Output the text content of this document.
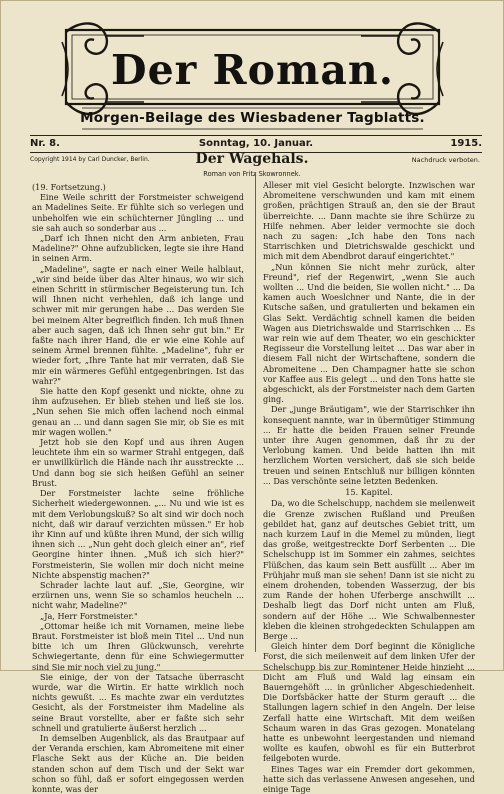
Der Roman.
Morgen-Beilage des Wiesbadener Tagblatts.
Nr. 8.	Sonntag, 10. Januar.	1915.
Copyright 1914 by Carl Duncker, Berlin.	Der Wagehals.	Nachdruck verboten.
Roman von Fritz Skowronnek.

(19. Fortsetzung.)

Eine Weile schritt der Forstmeister schweigend an Madelines Seite. Er fühlte sich so verlegen und unbeholfen wie ein schüchterner Jüngling ... und sie sah auch so sonderbar aus ...

„Darf ich Ihnen nicht den Arm anbieten, Frau Madeline?" Ohne aufzublicken, legte sie ihre Hand in seinen Arm.

„Madeline", sagte er nach einer Weile halblaut, „wir sind beide über das Alter hinaus, wo wir sich einen Schritt in stürmischer Begeisterung tun. Ich will Ihnen nicht verhehlen, daß ich lange und schwer mit mir gerungen habe ... Das werden Sie bei meinem Alter begreiflich finden. Ich muß Ihnen aber auch sagen, daß ich Ihnen sehr gut bin." Er faßte nach ihrer Hand, die er wie eine Kohle auf seinem Ärmel brennen fühlte. „Madeline", fuhr er wieder fort, „Ihre Tante hat mir verraten, daß Sie mir ein wärmeres Gefühl entgegenbringen. Ist das wahr?"

Sie hatte den Kopf gesenkt und nickte, ohne zu ihm aufzusehen. Er blieb stehen und ließ sie los. „Nun sehen Sie mich offen lachend noch einmal genau an ... und dann sagen Sie mir, ob Sie es mit mir wagen wollen."

Jetzt hob sie den Kopf und aus ihren Augen leuchtete ihm ein so warmer Strahl entgegen, daß er unwillkürlich die Hände nach ihr ausstreckte ... Und dann bog sie sich heißen Gefühl an seiner Brust.

Der Forstmeister lachte seine fröhliche Sicherheit wiedergewonnen. „... Nu und wie ist es mit dem Verlobungskuß? So alt sind wir doch noch nicht, daß wir darauf verzichten müssen." Er hob ihr Kinn auf und küßte ihren Mund, der sich willig ihnen sich ... „Nun geht doch gleich einer an", rief Georgine hinter ihnen. „Muß ich sich hier?" Forstmeisterin, Sie wollen mir doch nicht meine Nichte abspenstig machen?"

Schrader lachte laut auf. „Sie, Georgine, wir erzürnen uns, wenn Sie so schamlos heucheln ... nicht wahr, Madeline?"

„Ja, Herr Forstmeister."

„Ottomar heiße ich mit Vornamen, meine liebe Braut. Forstmeister ist bloß mein Titel ... Und nun bitte ich um Ihren Glückwunsch, verehrte Schwiegertante, denn für eine Schwiegermutter sind Sie mir noch viel zu jung."

Sie einige, der von der Tatsache überrascht wurde, war die Wirtin. Er hatte wirklich noch nichts gewußt. ... Es machte zwar ein verdutztes Gesicht, als der Forstmeister ihm Madeline als seine Braut vorstellte, aber er faßte sich sehr schnell und gratulierte äußerst herzlich ...

In demselben Augenblick, als das Brautpaar auf der Veranda erschien, kam Abromeitene mit einer Flasche Sekt aus der Küche an. Die beiden standen schon auf dem Tisch und der Sekt war schon so fühl, daß er sofort eingegossen werden konnte, was der

Alleser mit viel Gesicht belorgte. Inzwischen war Abromeitene verschwunden und kam mit einem großen, prächtigen Strauß an, den sie der Braut überreichte. ... Dann machte sie ihre Schürze zu Hilfe nehmen. Aber leider vermochte sie doch nach zu sagen: „Ich habe den Tons nach Starrischken und Dietrichswalde geschickt und mich mit dem Abendbrot darauf eingerichtet."

„Nun können Sie nicht mehr zurück, alter Freund", rief der Regenwirt, „wenn Sie auch wollten ... Und die beiden, Sie wollen nicht." ... Da kamen auch Woeslchner und Nante, die in der Kutsche saßen, und gratulierten und bekamen ein Glas Sekt. Verdächtig schnell kamen die beiden Wagen aus Dietrichswalde und Starrischken ... Es war rein wie auf dem Theater, wo ein geschickter Regisseur die Vorstellung leitet ... Das war aber in diesem Fall nicht der Wirtschaftene, sondern die Abromeitene ... Den Champagner hatte sie schon vor Kaffee aus Eis gelegt ... und den Tons hatte sie abgeschickt, als der Forstmeister nach dem Garten ging.

Der „junge Bräutigam", wie der Starrischker ihn konsequent nannte, war in übermütiger Stimmung ... Er hatte die beiden Frauen seiner Freunde unter ihre Augen genommen, daß ihr zu der Verlobung kamen. Und beide hatten ihn mit herzlichem Worten versichert, daß sie sich beide treuen und seinen Entschluß nur billigen könnten ... Das verschönte seine letzten Bedenken.

15. Kapitel.

Da, wo die Schelschupp, nachdem sie meilenweit die Grenze zwischen Rußland und Preußen gebildet hat, ganz auf deutsches Gebiet tritt, um nach kurzem Lauf in die Memel zu münden, liegt das große, weitgestreckte Dorf Serbenten ... Die Schelschupp ist im Sommer ein zahmes, seichtes Flüßchen, das kaum sein Bett ausfüllt ... Aber im Frühjahr muß man sie sehen! Dann ist sie nicht zu einem drohenden, tobenden Wasserzug, der bis zum Rande der hohen Uferberge anschwillt ... Deshalb liegt das Dorf nicht unten am Fluß, sondern auf der Höhe ... Wie Schwalbennester kleben die kleinen strohgedeckten Schulappen am Berge ...

Gleich hinter dem Dorf beginnt die Königliche Forst, die sich meilenweit auf dem linken Ufer der Schelschupp bis zur Romintener Heide hinzieht ... Dicht am Fluß und Wald lag einsam ein Bauerngehöft ... in grünlicher Abgeschiedenheit. Die Dorfsbäcker hatte der Sturm gerauft ... die Stallungen lagern schief in den Angeln. Der leise Zerfall hatte eine Wirtschaft. Mit dem weißen Schaum waren in das Gras gezogen. Monatelang hatte es unbewohnt leergestanden und niemand wollte es kaufen, obwohl es für ein Butterbrot feilgeboten wurde.

Eines Tages war ein Fremder dort gekommen, hatte sich das verlassene Anwesen angesehen, und einige Tage
